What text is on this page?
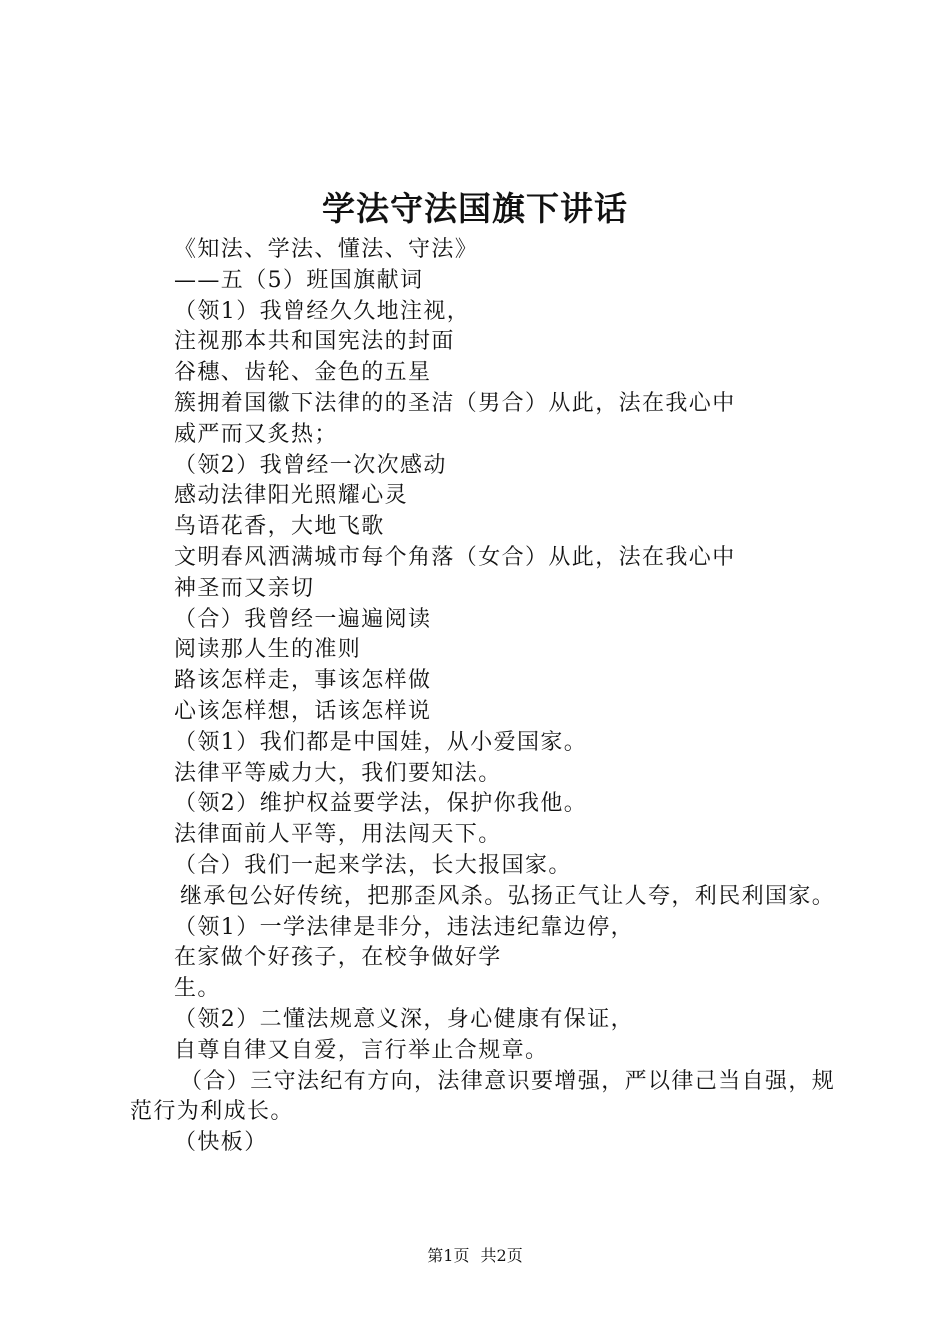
学法守法国旗下讲话

《知法、学法、懂法、守法》

——五（5）班国旗献词

（领1）我曾经久久地注视，

注视那本共和国宪法的封面

谷穗、齿轮、金色的五星

簇拥着国徽下法律的的圣洁（男合）从此，法在我心中

威严而又炙热；

（领2）我曾经一次次感动

感动法律阳光照耀心灵

鸟语花香，大地飞歌

文明春风洒满城市每个角落（女合）从此，法在我心中

神圣而又亲切

（合）我曾经一遍遍阅读

阅读那人生的准则

路该怎样走，事该怎样做

心该怎样想，话该怎样说

（领1）我们都是中国娃，从小爱国家。

法律平等威力大，我们要知法。

（领2）维护权益要学法，保护你我他。

法律面前人平等，用法闯天下。

（合）我们一起来学法，长大报国家。

继承包公好传统，把那歪风杀。弘扬正气让人夸，利民利国家。

（领1）一学法律是非分，违法违纪靠边停，

在家做个好孩子，在校争做好学

生。

（领2）二懂法规意义深，身心健康有保证，

自尊自律又自爱，言行举止合规章。

（合）三守法纪有方向，法律意识要增强，严以律己当自强，规范行为利成长。

（快板）

第1页 共2页
